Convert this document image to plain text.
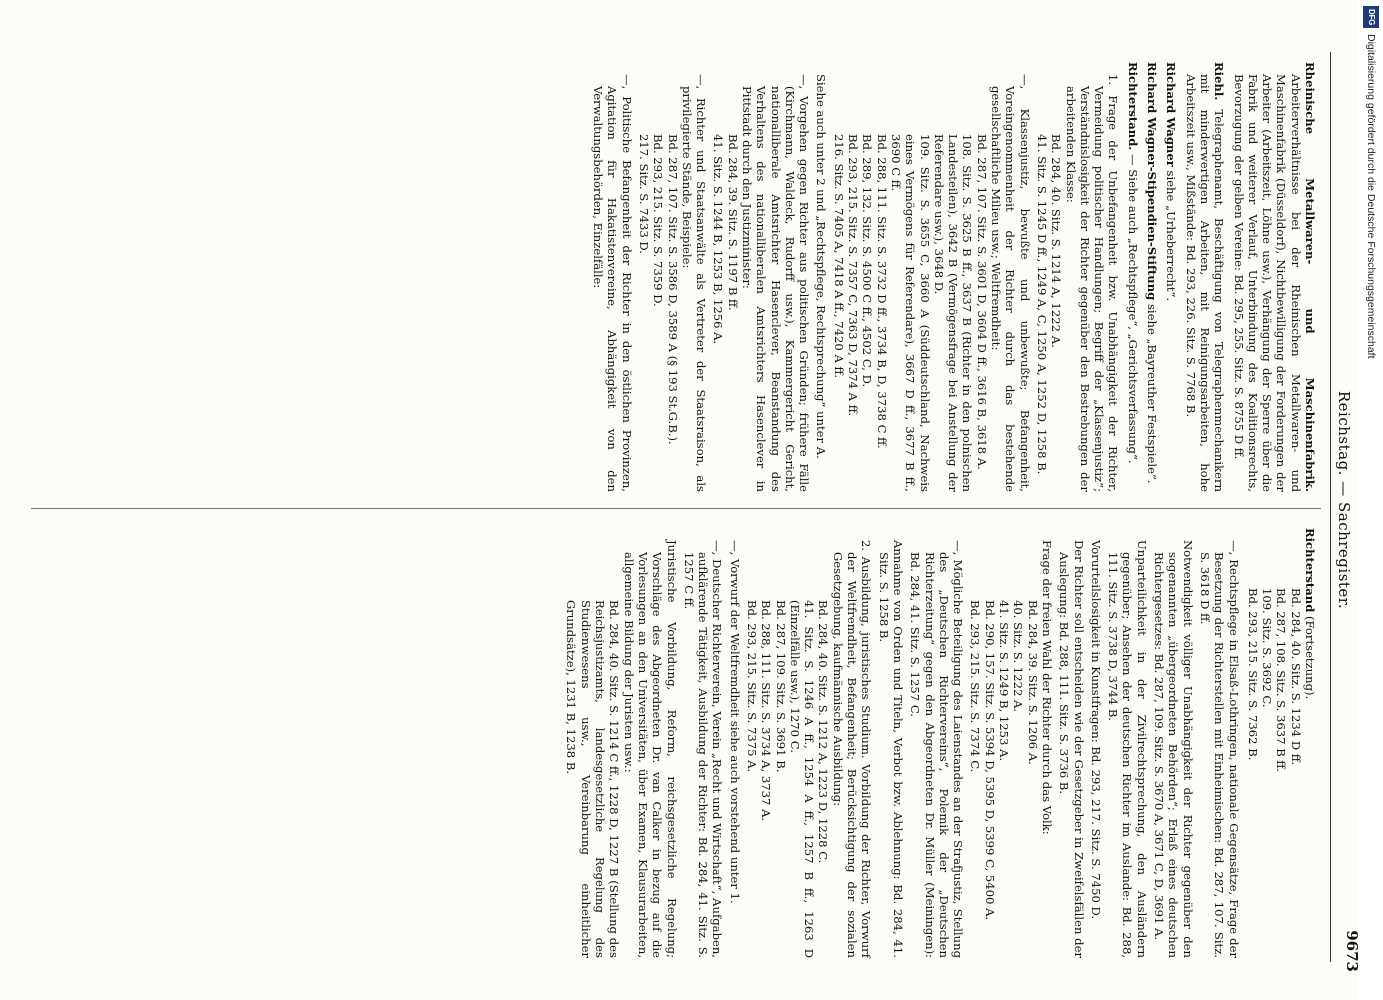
DFG
Digitalisierung gefördert durch die Deutsche Forschungsgemeinschaft
Reichstag. — Sachregister.
9673

Rheinische Metallwaren- und Maschinenfabrik. Arbeiterverhältnisse bei der Rheinischen Metallwaren- und Maschinenfabrik (Düsseldorf), Nichtbewilligung der Forderungen der Arbeiter (Arbeitszeit, Löhne usw.), Verhängung der Sperre über die Fabrik und weiterer Verlauf, Unterbindung des Koalitionsrechts, Bevorzugung der gelben Vereine: Bd. 295, 255. Sitz. S. 8755 D ff.

Riehl. Telegraphenamt, Beschäftigung von Telegraphenmechanikern mit minderwertigen Arbeiten, mit Reinigungsarbeiten, hohe Arbeitszeit usw., Mißstände: Bd. 293, 226. Sitz. S. 7768 B.

Richard Wagner siehe „Urheberrecht“.

Richard Wagner-Stipendien-Stiftung siehe „Bayreuther Festspiele“.

Richterstand. — Siehe auch „Rechtspflege“, „Gerichtsverfassung“.

1. Frage der Unbefangenheit bzw. Unabhängigkeit der Richter, Vermeidung politischer Handlungen; Begriff der „Klassenjustiz“; Verständnislosigkeit der Richter gegenüber den Bestrebungen der arbeitenden Klasse:
Bd. 284, 40. Sitz. S. 1214 A, 1222 A.
41. Sitz. S. 1245 D ff., 1249 A, C, 1250 A, 1252 D, 1258 B.

—, Klassenjustiz, bewußte und unbewußte; Befangenheit, Voreingenommenheit der Richter durch das bestehende gesellschaftliche Milieu usw.; Weltfremdheit:
Bd. 287, 107. Sitz. S. 3601 D, 3604 D ff., 3616 B, 3618 A.
108. Sitz. S. 3625 B ff., 3637 B (Richter in den polnischen Landesteilen), 3642 B (Vermögensfrage bei Anstellung der Referendare usw.), 3648 D.
109. Sitz. S. 3655 C, 3660 A (Süddeutschland, Nachweis eines Vermögens für Referendare), 3667 D ff., 3677 B ff., 3690 C ff.
Bd. 288, 111. Sitz. S. 3732 D ff., 3734 B, D, 3738 C ff.
Bd. 289, 132. Sitz. S. 4500 C ff., 4502 C, D.
Bd. 293, 215. Sitz. S. 7357 C, 7363 D, 7374 A ff.
216. Sitz. S. 7405 A, 7418 A ff., 7420 A ff.

Siehe auch unter 2 und „Rechtspflege, Rechtsprechung“ unter A.

—, Vorgehen gegen Richter aus politischen Gründen; frühere Fälle (Kirchmann, Waldeck, Rudorff usw.), Kammergericht Gericht, nationalliberale Amtsrichter Hasenclever, Beanstandung des Verhaltens des nationalliberalen Amtsrichters Hasenclever in Pittstadt durch den Justizminister:
Bd. 284, 39. Sitz. S. 1197 B ff.
41. Sitz. S. 1244 B, 1253 B, 1256 A.

—, Richter und Staatsanwälte als Vertreter der Staatsraison, als privilegierte Stände, Beispiele:
Bd. 287, 107. Sitz. S. 3586 D, 3589 A (§ 193 St.G.B.).
Bd. 293, 215. Sitz. S. 7359 D.
217. Sitz. S. 7433 D.

—, Politische Befangenheit der Richter in den östlichen Provinzen, Agitation für Hakatistenvereine, Abhängigkeit von den Verwaltungsbehörden, Einzelfälle:

Richterstand (Fortsetzung).
Bd. 284, 40. Sitz. S. 1234 D ff.
Bd. 287, 108. Sitz. S. 3637 B ff.
109. Sitz. S. 3692 C.
Bd. 293, 215. Sitz. S. 7362 B.

—, Rechtspflege in Elsaß-Lothringen, nationale Gegensätze, Frage der Besetzung der Richterstellen mit Einheimischen: Bd. 287, 107. Sitz. S. 3618 D ff.

Notwendigkeit völliger Unabhängigkeit der Richter gegenüber den sogenannten „übergeordneten Behörden“; Erlaß eines deutschen Richtergesetzes: Bd. 287, 109. Sitz. S. 3670 A, 3671 C, D, 3691 A.

Unparteilichkeit in der Zivilrechtsprechung, den Ausländern gegenüber; Ansehen der deutschen Richter im Auslande: Bd. 288, 111. Sitz. S. 3738 D, 3744 B.

Vorurteilslosigkeit in Kunstfragen: Bd. 293, 217. Sitz. S. 7450 D.

Der Richter soll entscheiden wie der Gesetzgeber in Zweifelsfällen der Auslegung: Bd. 288, 111. Sitz. S. 3736 B.

Frage der freien Wahl der Richter durch das Volk:
Bd. 284, 39. Sitz. S. 1206 A.
40. Sitz. S. 1222 A.
41. Sitz. S. 1249 B, 1253 A.
Bd. 290, 157. Sitz. S. 5394 D, 5395 D, 5399 C, 5400 A.
Bd. 293, 215. Sitz. S. 7374 C.

—, Mögliche Beteiligung des Laienstandes an der Strafjustiz, Stellung des „Deutschen Richtervereins“, Polemik der „Deutschen Richterzeitung“ gegen den Abgeordneten Dr. Müller (Meiningen): Bd. 284, 41. Sitz. S. 1257 C.

Annahme von Orden und Titeln, Verbot bzw. Ablehnung: Bd. 284, 41. Sitz. S. 1258 B.

2. Ausbildung, juristisches Studium. Vorbildung der Richter, Vorwurf der Weltfremdheit, Befangenheit; Berücksichtigung der sozialen Gesetzgebung, kaufmännische Ausbildung:
Bd. 284, 40. Sitz. S. 1212 A, 1223 D, 1228 C.
41. Sitz. S. 1246 A ff., 1254 A ff., 1257 B ff., 1263 D (Einzelfälle usw.), 1270 C.
Bd. 287, 109. Sitz. S. 3691 B.
Bd. 288, 111. Sitz. S. 3734 A, 3737 A.
Bd. 293, 215. Sitz. S. 7375 A.

—, Vorwurf der Weltfremdheit siehe auch vorstehend unter 1.

—, Deutscher Richterverein, Verein „Recht und Wirtschaft“, Aufgaben, aufklärende Tätigkeit, Ausbildung der Richter: Bd. 284, 41. Sitz. S. 1257 C ff.

Juristische Vorbildung, Reform, reichsgesetzliche Regelung; Vorschläge des Abgeordneten Dr. van Calker in bezug auf die Vorlesungen an den Universitäten, über Examen, Klausurarbeiten, allgemeine Bildung der Juristen usw.:
Bd. 284, 40. Sitz. S. 1214 C ff., 1228 D, 1227 B (Stellung des Reichsjustizamts, landesgesetzliche Regelung des Studienwesens usw., Vereinbarung einheitlicher Grundsätze), 1231 B, 1238 B.
